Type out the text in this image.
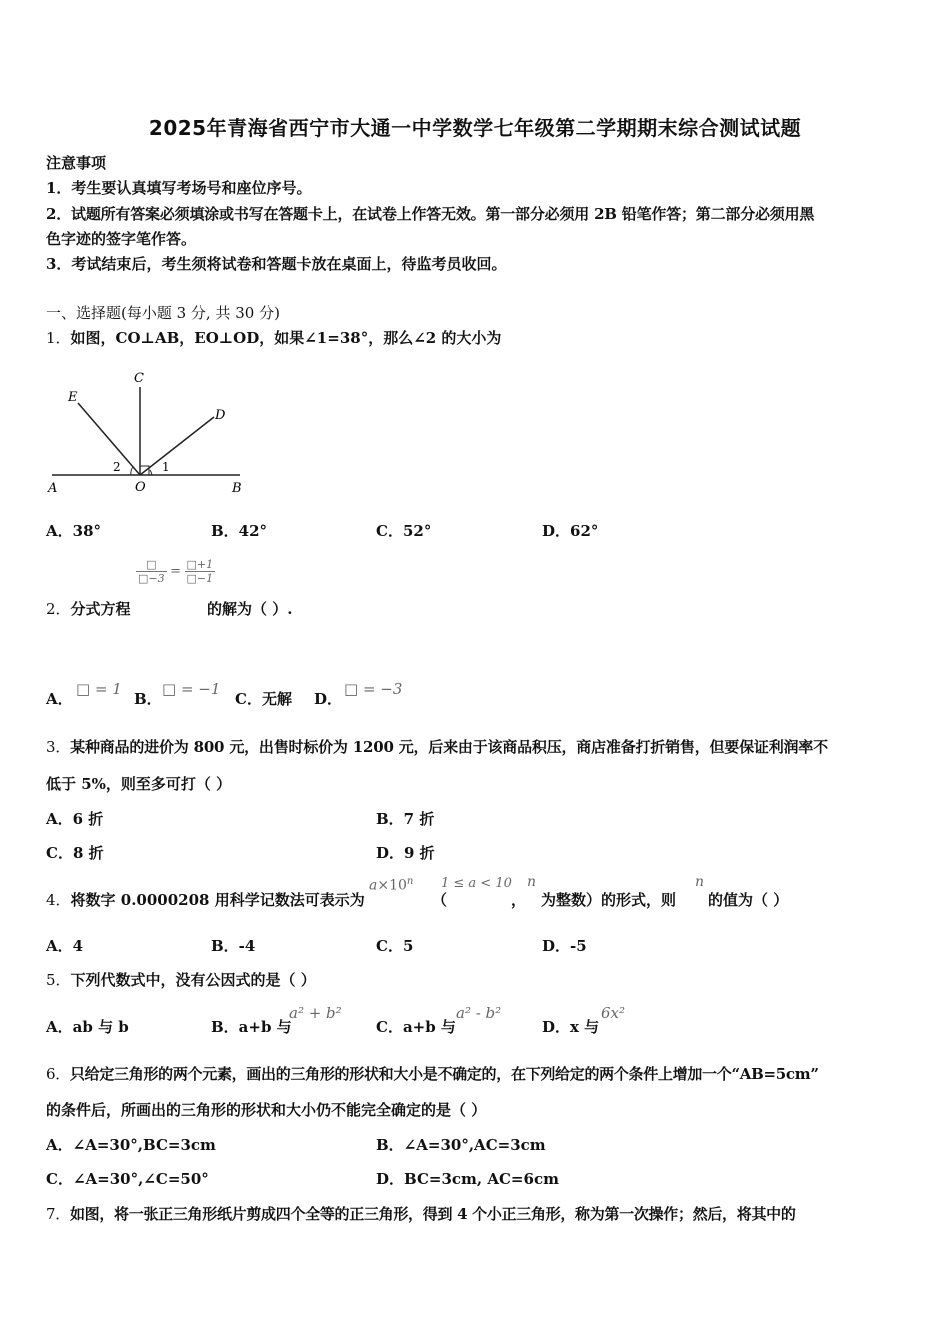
2025年青海省西宁市大通一中学数学七年级第二学期期末综合测试试题
注意事项
1．考生要认真填写考场号和座位序号。
2．试题所有答案必须填涂或书写在答题卡上，在试卷上作答无效。第一部分必须用 2B 铅笔作答；第二部分必须用黑
色字迹的签字笔作答。
3．考试结束后，考生须将试卷和答题卡放在桌面上，待监考员收回。
一、选择题(每小题 3 分, 共 30 分)
1．如图，CO⊥AB，EO⊥OD，如果∠1=38°，那么∠2 的大小为
E
C
D
A	O	B
2	1
A．38°	B．42°	C．52°	D．62°
□
□−3 = $\frac{□+1}{□-1}$
2．分式方程	的解为（ ）.
A．
□ = 1
B．
□ = −1
C．无解 D．
□ = −3
3．某种商品的进价为 800 元，出售时标价为 1200 元，后来由于该商品积压，商店准备打折销售，但要保证利润率不
低于 5%，则至多可打（ ）
A．6 折	B．7 折
C．8 折	D．9 折
4．将数字 0.0000208 用科学记数法可表示为
$a\times 10^n$
（
1 ≤ a < 10
，
n
为整数）的形式，则
n
的值为（ ）
A．4	B．-4	C．5	D．-5
5．下列代数式中，没有公因式的是（ ）
A．ab 与 b	B．a+b 与
a² + b²
C．a+b 与
a² - b²
D．x 与
6x²
6．只给定三角形的两个元素，画出的三角形的形状和大小是不确定的，在下列给定的两个条件上增加一个“AB=5cm”
的条件后，所画出的三角形的形状和大小仍不能完全确定的是（ ）
A．∠A=30°,BC=3cm	B．∠A=30°,AC=3cm
C．∠A=30°,∠C=50°	D．BC=3cm, AC=6cm
7．如图，将一张正三角形纸片剪成四个全等的正三角形，得到 4 个小正三角形，称为第一次操作；然后，将其中的
